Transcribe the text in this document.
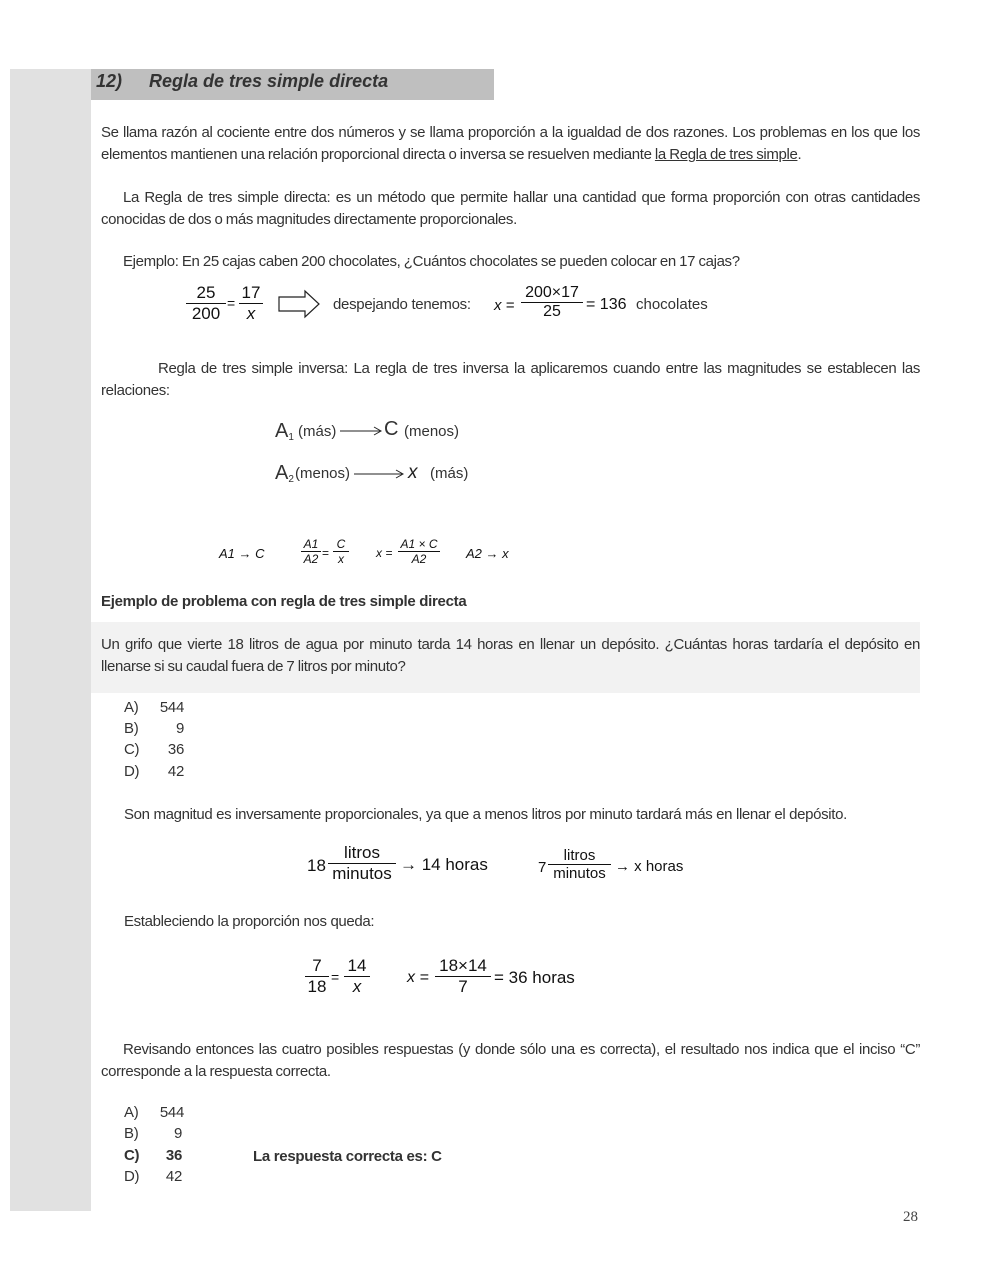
12) Regla de tres simple directa
Se llama razón al cociente entre dos números y se llama proporción a la igualdad de dos razones. Los problemas en los que los elementos mantienen una relación proporcional directa o inversa se resuelven mediante la Regla de tres simple.
La Regla de tres simple directa: es un método que permite hallar una cantidad que forma proporción con otras cantidades conocidas de dos o más magnitudes directamente proporcionales.
Ejemplo: En 25 cajas caben 200 chocolates, ¿Cuántos chocolates se pueden colocar en 17 cajas?
25
200
=
17
x	despejando tenemos: x =
200×17
25	= 136 chocolates
Regla de tres simple inversa: La regla de tres inversa la aplicaremos cuando entre las magnitudes se establecen las relaciones:
$A_1$ (más) C (menos)
$A_2$ (menos)	x (más)
A1 → C
A1
A2 =
C
x	x =
A1 × C
A2	A2 → x
Ejemplo de problema con regla de tres simple directa
Un grifo que vierte 18 litros de agua por minuto tarda 14 horas en llenar un depósito. ¿Cuántas horas tardaría el depósito en llenarse si su caudal fuera de 7 litros por minuto?
A) 544
B)	9
C)	36
D)	42
Son magnitud es inversamente proporcionales, ya que a menos litros por minuto tardará más en llenar el depósito.
18
litros
minutos → 14 horas	7
litros
minutos → x horas
Estableciendo la proporción nos queda:
7
18 =
14
x	x =
18×14
7	= 36 horas
Revisando entonces las cuatro posibles respuestas (y donde sólo una es correcta), el resultado nos indica que el inciso “C” corresponde a la respuesta correcta.
A) 544
B)	9
C)	36
D)	42
La respuesta correcta es: C
28
